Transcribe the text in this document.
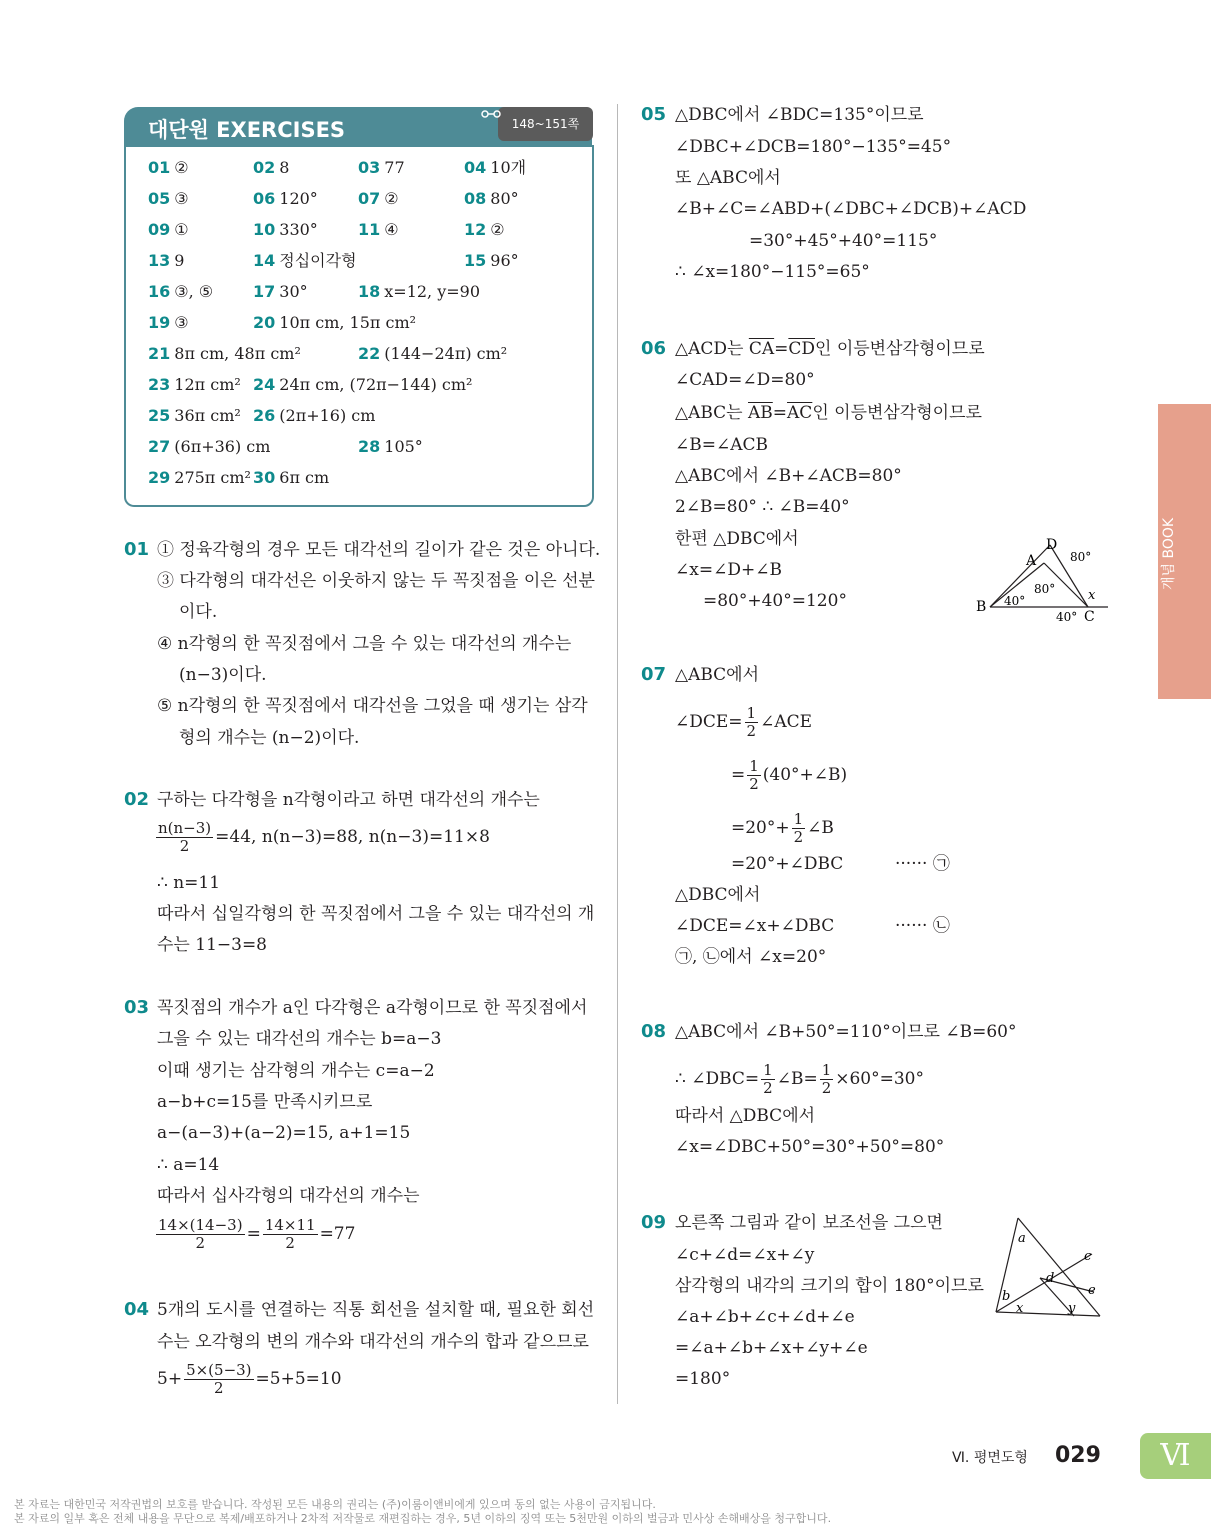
대단원 EXERCISES	148~151쪽
01 ②	02 8	03 77	04 10개
05 ③	06 120°	07 ②	08 80°
09 ①	10 330°	11 ④	12 ②
13 9	14 정십이각형	15 96°
16 ③, ⑤ 17 30°	18 x=12, y=90
19 ③	20 10π cm, 15π cm²
21 8π cm, 48π cm²	22 (144−24π) cm²
23 12π cm² 24 24π cm, (72π−144) cm²
25 36π cm² 26 (2π+16) cm
27 (6π+36) cm	28 105°
29 275π cm² 30 6π cm
01 ① 정육각형의 경우 모든 대각선의 길이가 같은 것은 아니다.
③ 다각형의 대각선은 이웃하지 않는 두 꼭짓점을 이은 선분
이다.
④ n각형의 한 꼭짓점에서 그을 수 있는 대각선의 개수는
(n−3)이다.
⑤ n각형의 한 꼭짓점에서 대각선을 그었을 때 생기는 삼각
형의 개수는 (n−2)이다.
02 구하는 다각형을 n각형이라고 하면 대각선의 개수는
$\frac{n(n-3)}{2} =44$, n(n−3)=88, n(n−3)=11×8
∴ n=11
따라서 십일각형의 한 꼭짓점에서 그을 수 있는 대각선의 개
수는 11−3=8
03 꼭짓점의 개수가 a인 다각형은 a각형이므로 한 꼭짓점에서
그을 수 있는 대각선의 개수는 b=a−3
이때 생기는 삼각형의 개수는 c=a−2
a−b+c=15를 만족시키므로
a−(a−3)+(a−2)=15, a+1=15
∴ a=14
따라서 십사각형의 대각선의 개수는
$\frac{14\times(14-3)}{2} = \frac{14\times 11}{2} =77$
04 5개의 도시를 연결하는 직통 회선을 설치할 때, 필요한 회선
수는 오각형의 변의 개수와 대각선의 개수의 합과 같으므로
$5+ \frac{5\times(5-3)}{2} =5+5=10$
05 △DBC에서 ∠BDC=135°이므로
∠DBC+∠DCB=180°−135°=45°
또 △ABC에서
∠B+∠C=∠ABD+(∠DBC+∠DCB)+∠ACD
=30°+45°+40°=115°
∴ ∠x=180°−115°=65°
06 △ACD는 $\overline{CA}=\overline{CD}$인 이등변삼각형이므로
∠CAD=∠D=80°
△ABC는 $\overline{AB}=\overline{AC}$인 이등변삼각형이므로
∠B=∠ACB
△ABC에서 ∠B+∠ACB=80°
2∠B=80° ∴ ∠B=40°
한편 △DBC에서
∠x=∠D+∠B
=80°+40°=120°
A
B
C
D
x
80°
80°
40°
40°
07 △ABC에서
∠DCE= $\frac{1}{2}$ ∠ACE
= $\frac{1}{2}$ (40°+∠B)
$=20^\circ+ \frac{1}{2}$ ∠B
=20°+∠DBC	······ ㉠
△DBC에서
∠DCE=∠x+∠DBC	······ ㉡
㉠, ㉡에서 ∠x=20°
08 △ABC에서 ∠B+50°=110°이므로 ∠B=60°
∴ ∠DBC= $\frac{1}{2}$ ∠B= $\frac{1}{2} \times 60^\circ=30^\circ$
따라서 △DBC에서
∠x=∠DBC+50°=30°+50°=80°
09 오른쪽 그림과 같이 보조선을 그으면
∠c+∠d=∠x+∠y
삼각형의 내각의 크기의 합이 180°이므로
∠a+∠b+∠c+∠d+∠e
=∠a+∠b+∠x+∠y+∠e
=180°
a
b
c
d
e
x	y
개념 BOOK
Ⅵ. 평면도형 029	Ⅵ
본 자료는 대한민국 저작권법의 보호를 받습니다. 작성된 모든 내용의 권리는 (주)이룸이앤비에게 있으며 동의 없는 사용이 금지됩니다.
본 자료의 일부 혹은 전체 내용을 무단으로 복제/배포하거나 2차적 저작물로 재편집하는 경우, 5년 이하의 징역 또는 5천만원 이하의 벌금과 민사상 손해배상을 청구합니다.
